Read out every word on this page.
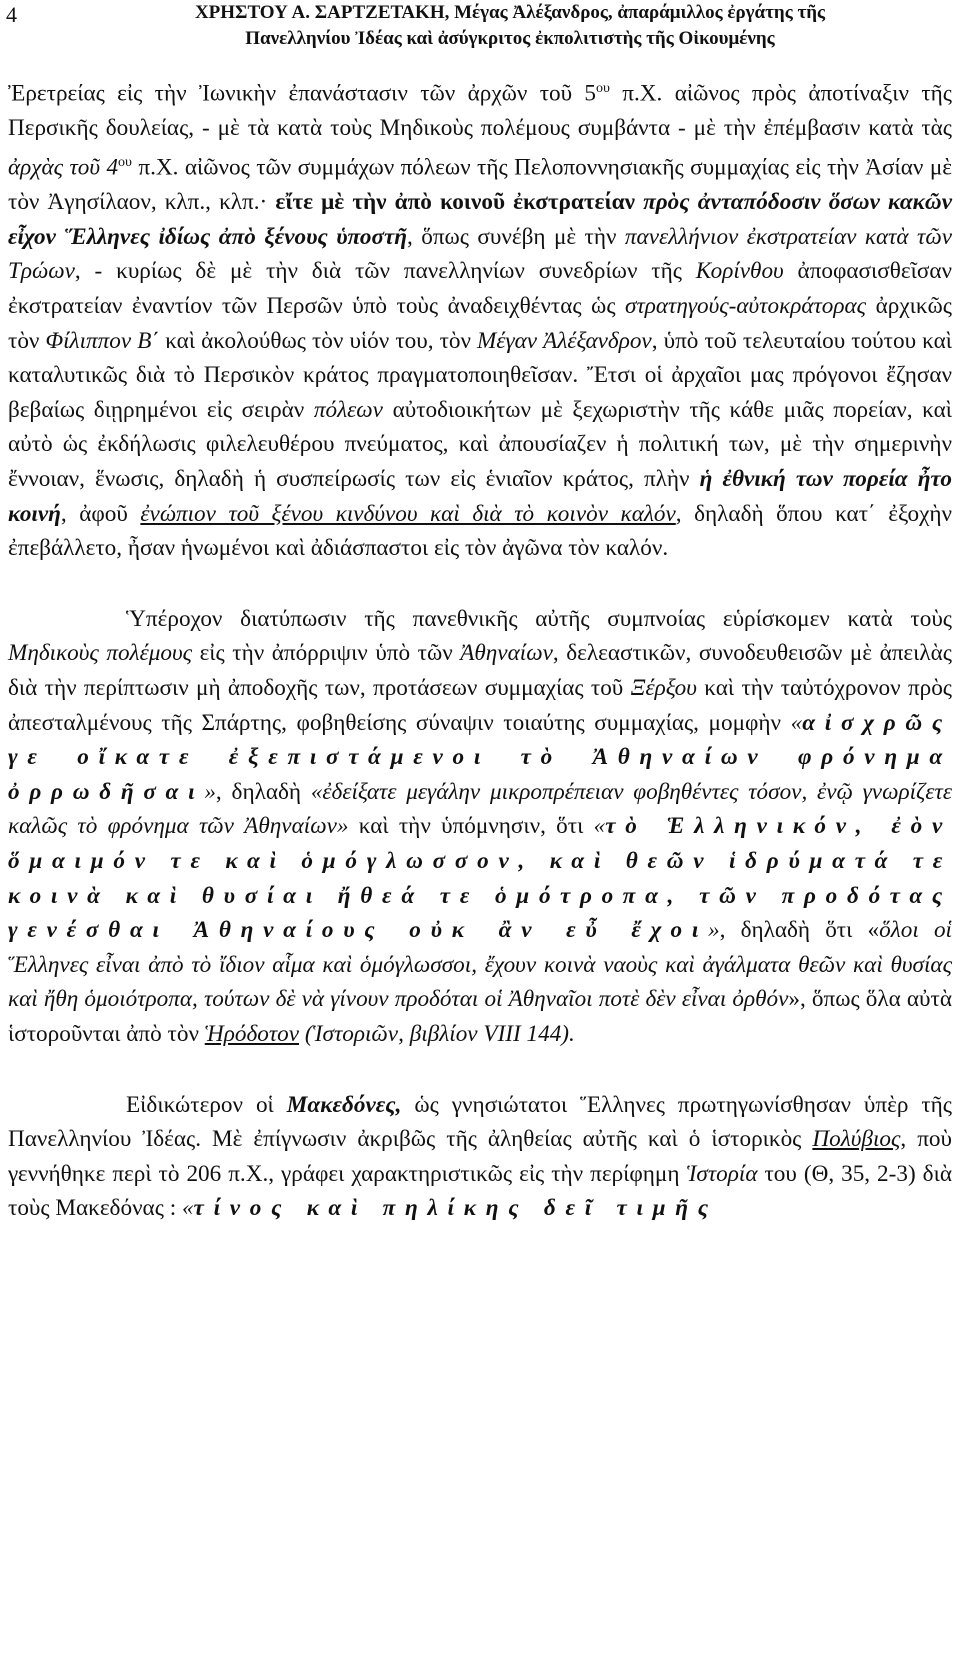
4	ΧΡΗΣΤΟΥ Α. ΣΑΡΤΖΕΤΑΚΗ, Μέγας Ἀλέξανδρος, ἀπαράμιλλος ἐργάτης τῆς
Πανελληνίου Ἰδέας καὶ ἀσύγκριτος ἐκπολιτιστὴς τῆς Οἰκουμένης

Ἐρετρείας εἰς τὴν Ἰωνικὴν ἐπανάστασιν τῶν ἀρχῶν τοῦ $5^{o\upsilon}$ π.Χ. αἰῶνος πρὸς ἀποτίναξιν τῆς Περσικῆς δουλείας, - μὲ τὰ κατὰ τοὺς Μηδικοὺς πολέμους συμβάντα - μὲ τὴν ἐπέμβασιν κατὰ τὰς ἀρχὰς τοῦ $4^{o\upsilon}$ π.Χ. αἰῶνος τῶν συμμάχων πόλεων τῆς Πελοποννησιακῆς συμμαχίας εἰς τὴν Ἀσίαν μὲ τὸν Ἀγησίλαον, κλπ., κλπ.· εἴτε μὲ τὴν ἀπὸ κοινοῦ ἐκστρατείαν πρὸς ἀνταπόδοσιν ὅσων κακῶν εἶχον Ἕλληνες ἰδίως ἀπὸ ξένους ὑποστῆ, ὅπως συνέβη μὲ τὴν πανελλήνιον ἐκστρατείαν κατὰ τῶν Τρώων, - κυρίως δὲ μὲ τὴν διὰ τῶν πανελληνίων συνεδρίων τῆς Κορίνθου ἀποφασισθεῖσαν ἐκστρατείαν ἐναντίον τῶν Περσῶν ὑπὸ τοὺς ἀναδειχθέντας ὡς στρατηγούς-αὐτοκράτορας ἀρχικῶς τὸν Φίλιππον Β΄ καὶ ἀκολούθως τὸν υἱόν του, τὸν Μέγαν Ἀλέξανδρον, ὑπὸ τοῦ τελευταίου τούτου καὶ καταλυτικῶς διὰ τὸ Περσικὸν κράτος πραγματοποιηθεῖσαν. Ἔτσι οἱ ἀρχαῖοι μας πρόγονοι ἔζησαν βεβαίως διῃρημένοι εἰς σειρὰν πόλεων αὐτοδιοικήτων μὲ ξεχωριστὴν τῆς κάθε μιᾶς πορείαν, καὶ αὐτὸ ὡς ἐκδήλωσις φιλελευθέρου πνεύματος, καὶ ἀπουσίαζεν ἡ πολιτική των, μὲ τὴν σημερινὴν ἔννοιαν, ἕνωσις, δηλαδὴ ἡ συσπείρωσίς των εἰς ἑνιαῖον κράτος, πλὴν ἡ ἐθνική των πορεία ἦτο κοινή, ἀφοῦ ἐνώπιον τοῦ ξένου κινδύνου καὶ διὰ τὸ κοινὸν καλόν, δηλαδὴ ὅπου κατ΄ ἐξοχὴν ἐπεβάλλετο, ἦσαν ἡνωμένοι καὶ ἀδιάσπαστοι εἰς τὸν ἀγῶνα τὸν καλόν.

Ὑπέροχον διατύπωσιν τῆς πανεθνικῆς αὐτῆς συμπνοίας εὑρίσκομεν κατὰ τοὺς Μηδικοὺς πολέμους εἰς τὴν ἀπόρριψιν ὑπὸ τῶν Ἀθηναίων, δελεαστικῶν, συνοδευθεισῶν μὲ ἀπειλὰς διὰ τὴν περίπτωσιν μὴ ἀποδοχῆς των, προτάσεων συμμαχίας τοῦ Ξέρξου καὶ τὴν ταὐτόχρονον πρὸς ἀπεσταλμένους τῆς Σπάρτης, φοβηθείσης σύναψιν τοιαύτης συμμαχίας, μομφὴν «αἰσχρῶς γε οἴκατε ἐξεπιστάμενοι τὸ Ἀθηναίων φρόνημα ὀρρωδῆσαι», δηλαδὴ «ἐδείξατε μεγάλην μικροπρέπειαν φοβηθέντες τόσον, ἐνῷ γνωρίζετε καλῶς τὸ φρόνημα τῶν Ἀθηναίων» καὶ τὴν ὑπόμνησιν, ὅτι «τὸ Ἑλληνικόν, ἐὸν ὅμαιμόν τε καὶ ὁμόγλωσσον, καὶ θεῶν ἱδρύματά τε κοινὰ καὶ θυσίαι ἤθεά τε ὁμότροπα, τῶν προδότας γενέσθαι Ἀθηναίους οὐκ ἂν εὖ ἔχοι», δηλαδὴ ὅτι «ὅλοι οἱ Ἕλληνες εἶναι ἀπὸ τὸ ἴδιον αἷμα καὶ ὁμόγλωσσοι, ἔχουν κοινὰ ναοὺς καὶ ἀγάλματα θεῶν καὶ θυσίας καὶ ἤθη ὁμοιότροπα, τούτων δὲ νὰ γίνουν προδόται οἱ Ἀθηναῖοι ποτὲ δὲν εἶναι ὀρθόν», ὅπως ὅλα αὐτὰ ἱστοροῦνται ἀπὸ τὸν Ἡρόδοτον (Ἱστοριῶν, βιβλίον VIII 144).

Εἰδικώτερον οἱ Μακεδόνες, ὡς γνησιώτατοι Ἕλληνες πρωτηγωνίσθησαν ὑπὲρ τῆς Πανελληνίου Ἰδέας. Μὲ ἐπίγνωσιν ἀκριβῶς τῆς ἀληθείας αὐτῆς καὶ ὁ ἱστορικὸς Πολύβιος, ποὺ γεννήθηκε περὶ τὸ 206 π.Χ., γράφει χαρακτηριστικῶς εἰς τὴν περίφημη Ἱστορία του (Θ, 35, 2-3) διὰ τοὺς Μακεδόνας : «τίνος καὶ πηλίκης δεῖ τιμῆς
